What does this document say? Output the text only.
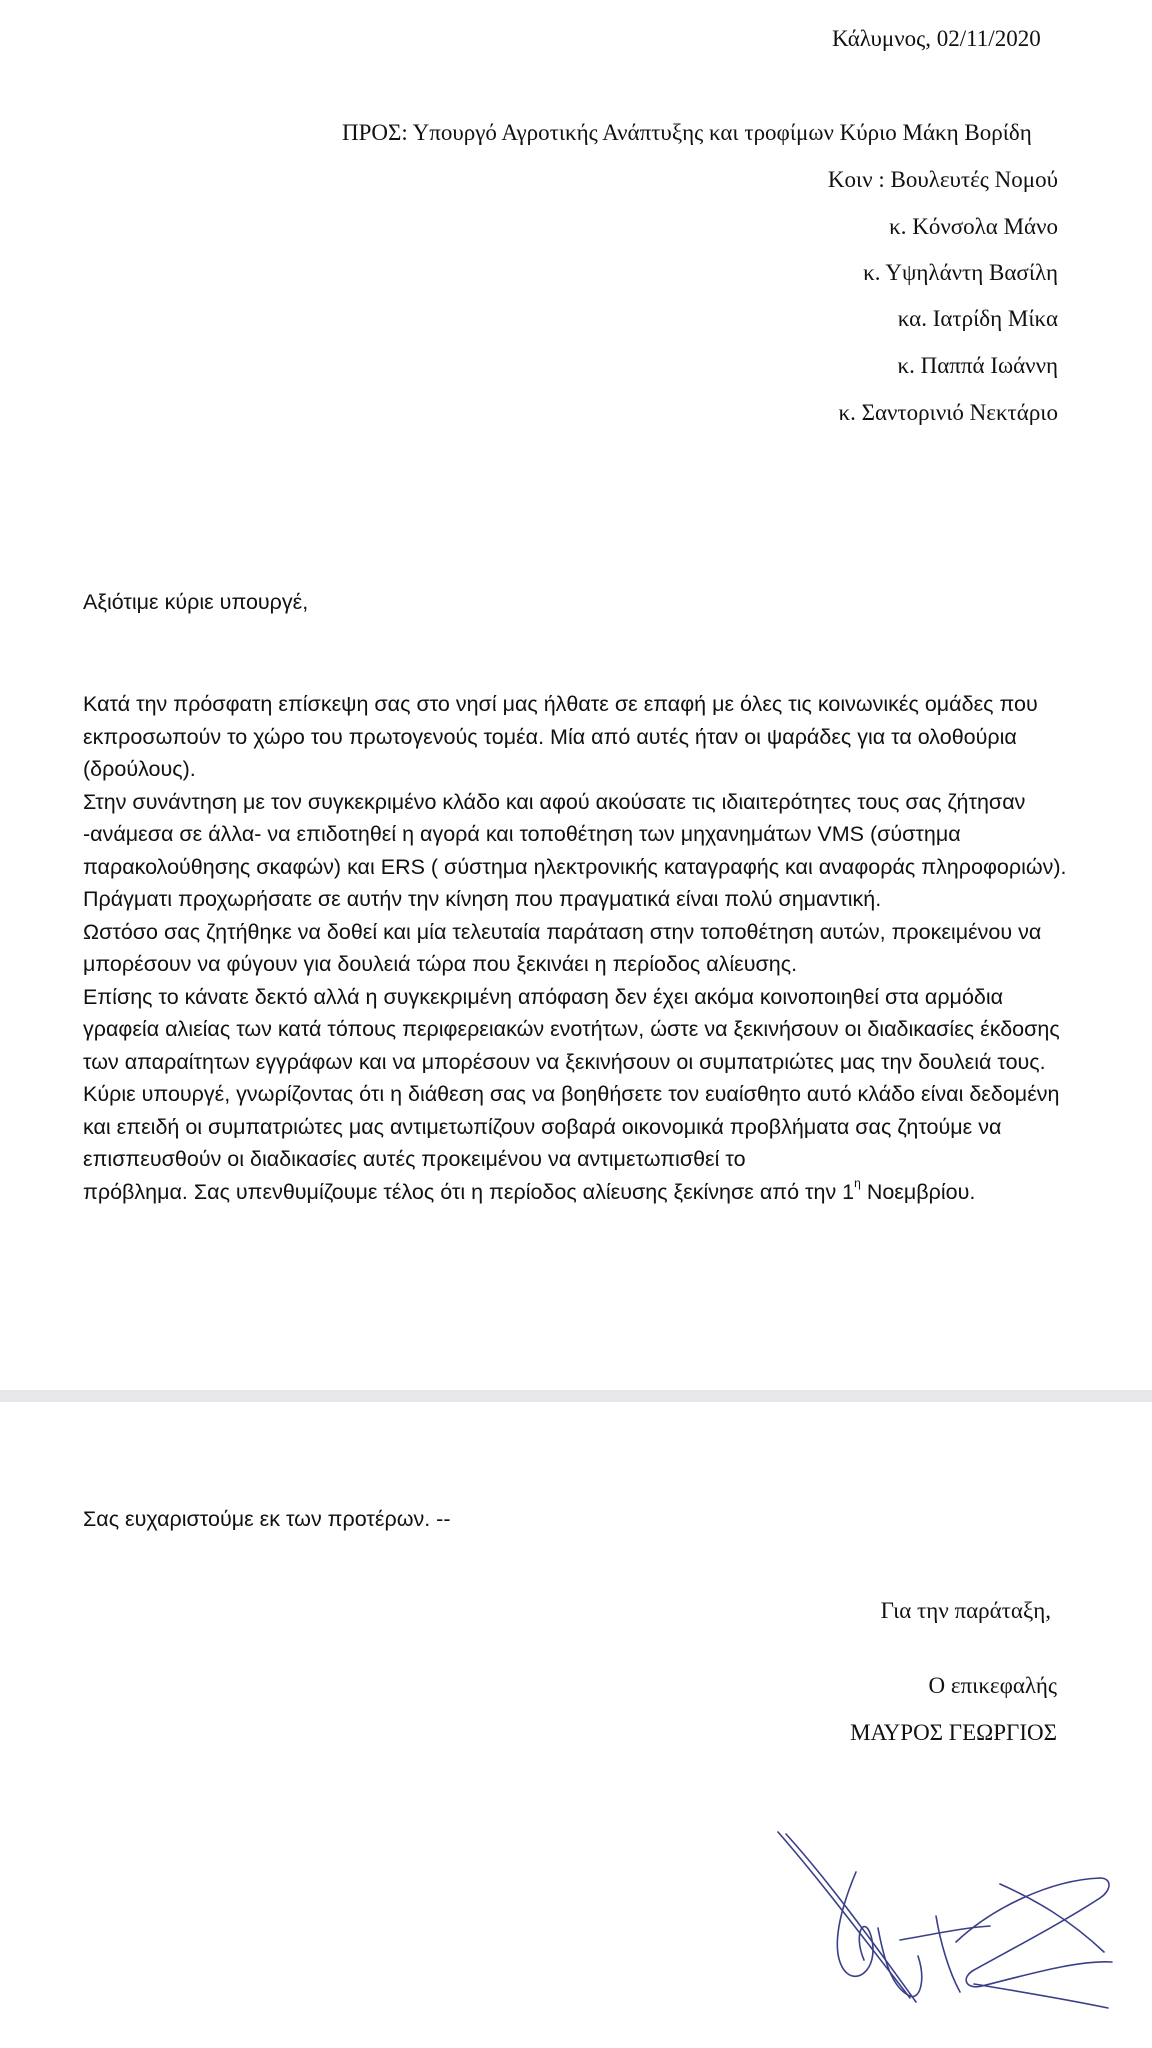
Κάλυμνος, 02/11/2020
ΠΡΟΣ: Υπουργό Αγροτικής Ανάπτυξης και τροφίμων Κύριο Μάκη Βορίδη
Κοιν : Βουλευτές Νομού
κ. Κόνσολα Μάνο
κ. Υψηλάντη Βασίλη
κα. Ιατρίδη Μίκα
κ. Παππά Ιωάννη
κ. Σαντορινιό Νεκτάριο
Αξιότιμε κύριε υπουργέ,

Κατά την πρόσφατη επίσκεψη σας στο νησί μας ήλθατε σε επαφή με όλες τις κοινωνικές ομάδες που εκπροσωπούν το χώρο του πρωτογενούς τομέα. Μία από αυτές ήταν οι ψαράδες για τα ολοθούρια (δρούλους).

Στην συνάντηση με τον συγκεκριμένο κλάδο και αφού ακούσατε τις ιδιαιτερότητες τους σας ζήτησαν -ανάμεσα σε άλλα- να επιδοτηθεί η αγορά και τοποθέτηση των μηχανημάτων VMS (σύστημα παρακολούθησης σκαφών) και ERS ( σύστημα ηλεκτρονικής καταγραφής και αναφοράς πληροφοριών). Πράγματι προχωρήσατε σε αυτήν την κίνηση που πραγματικά είναι πολύ σημαντική.

Ωστόσο σας ζητήθηκε να δοθεί και μία τελευταία παράταση στην τοποθέτηση αυτών, προκειμένου να μπορέσουν να φύγουν για δουλειά τώρα που ξεκινάει η περίοδος αλίευσης.

Επίσης το κάνατε δεκτό αλλά η συγκεκριμένη απόφαση δεν έχει ακόμα κοινοποιηθεί στα αρμόδια γραφεία αλιείας των κατά τόπους περιφερειακών ενοτήτων, ώστε να ξεκινήσουν οι διαδικασίες έκδοσης των απαραίτητων εγγράφων και να μπορέσουν να ξεκινήσουν οι συμπατριώτες μας την δουλειά τους.

Κύριε υπουργέ, γνωρίζοντας ότι η διάθεση σας να βοηθήσετε τον ευαίσθητο αυτό κλάδο είναι δεδομένη και επειδή οι συμπατριώτες μας αντιμετωπίζουν σοβαρά οικονομικά προβλήματα σας ζητούμε να επισπευσθούν οι διαδικασίες αυτές προκειμένου να αντιμετωπισθεί το πρόβλημα. Σας υπενθυμίζουμε τέλος ότι η περίοδος αλίευσης ξεκίνησε από την $1^\eta$ Νοεμβρίου.

Σας ευχαριστούμε εκ των προτέρων. --
Για την παράταξη,
Ο επικεφαλής
ΜΑΥΡΟΣ ΓΕΩΡΓΙΟΣ
